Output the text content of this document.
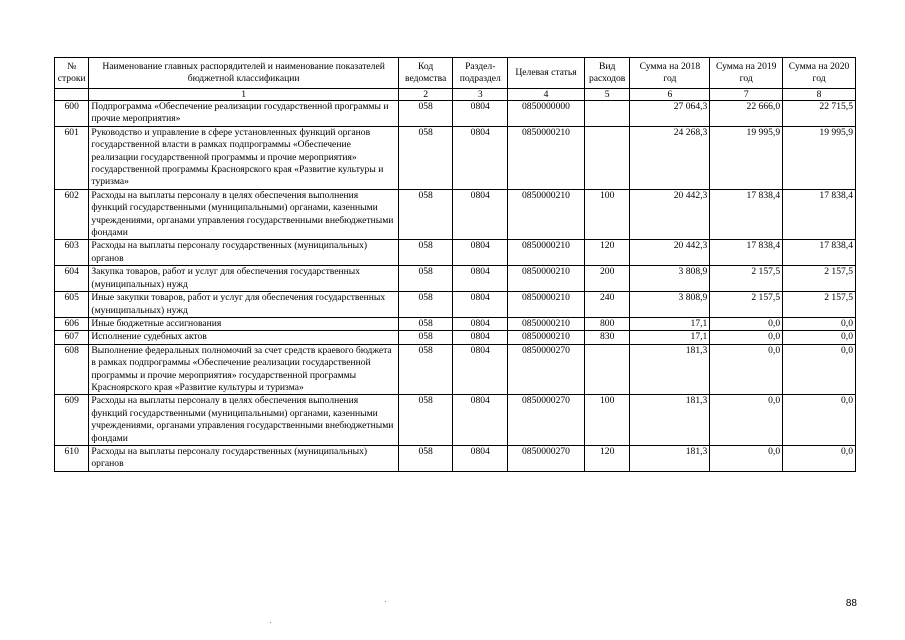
№ строки	Наименование главных распорядителей и наименование показателей бюджетной классификации	Код ведомства	Раздел-подраздел	Целевая статья	Вид расходов	Сумма на 2018 год	Сумма на 2019 год	Сумма на 2020 год
	1	2	3	4	5	6	7	8
600	Подпрограмма «Обеспечение реализации государственной программы и прочие мероприятия»	058	0804	0850000000		27 064,3	22 666,0	22 715,5
601	Руководство и управление в сфере установленных функций органов государственной власти в рамках подпрограммы «Обеспечение реализации государственной программы и прочие мероприятия» государственной программы Красноярского края «Развитие культуры и туризма»	058	0804	0850000210		24 268,3	19 995,9	19 995,9
602	Расходы на выплаты персоналу в целях обеспечения выполнения функций государственными (муниципальными) органами, казенными учреждениями, органами управления государственными внебюджетными фондами	058	0804	0850000210	100	20 442,3	17 838,4	17 838,4
603	Расходы на выплаты персоналу государственных (муниципальных) органов	058	0804	0850000210	120	20 442,3	17 838,4	17 838,4
604	Закупка товаров, работ и услуг для обеспечения государственных (муниципальных) нужд	058	0804	0850000210	200	3 808,9	2 157,5	2 157,5
605	Иные закупки товаров, работ и услуг для обеспечения государственных (муниципальных) нужд	058	0804	0850000210	240	3 808,9	2 157,5	2 157,5
606	Иные бюджетные ассигнования	058	0804	0850000210	800	17,1	0,0	0,0
607	Исполнение судебных актов	058	0804	0850000210	830	17,1	0,0	0,0
608	Выполнение федеральных полномочий за счет средств краевого бюджета в рамках подпрограммы «Обеспечение реализации государственной программы и прочие мероприятия» государственной программы Красноярского края «Развитие культуры и туризма»	058	0804	0850000270		181,3	0,0	0,0
609	Расходы на выплаты персоналу в целях обеспечения выполнения функций государственными (муниципальными) органами, казенными учреждениями, органами управления государственными внебюджетными фондами	058	0804	0850000270	100	181,3	0,0	0,0
610	Расходы на выплаты персоналу государственных (муниципальных) органов	058	0804	0850000270	120	181,3	0,0	0,0
88
